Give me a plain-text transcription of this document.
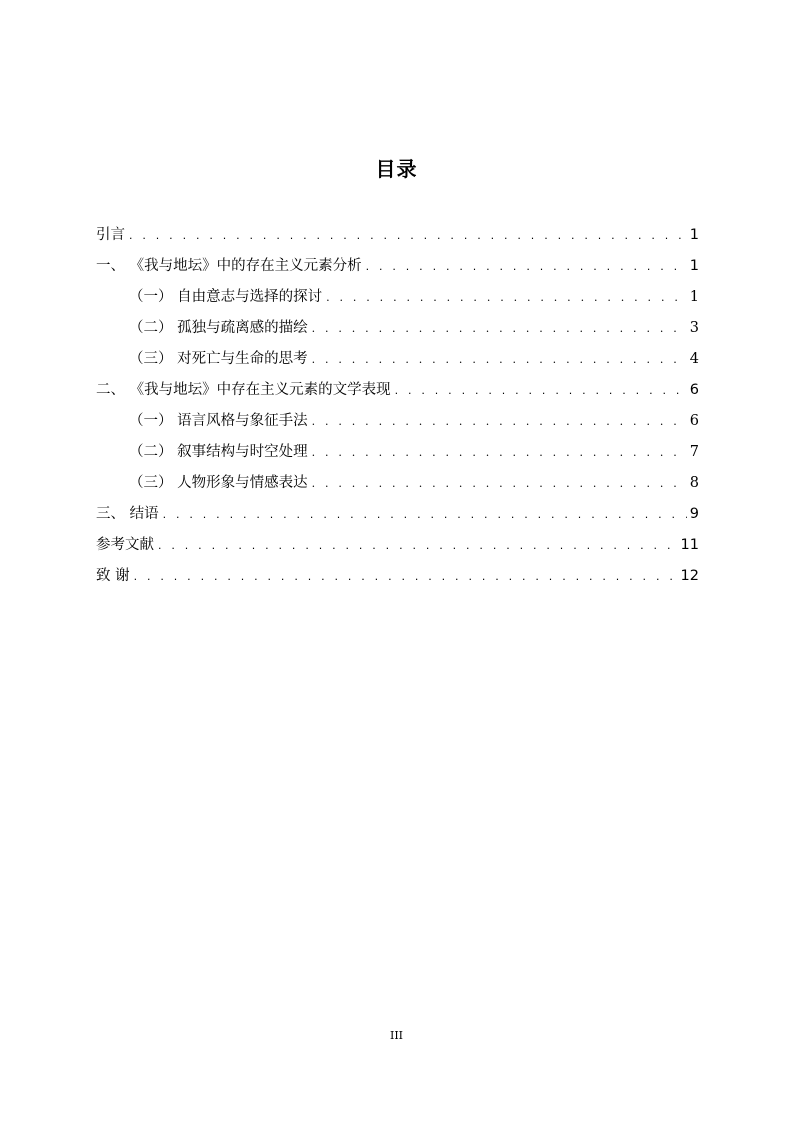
目录
引言 . . .	1
一、 《我与地坛》中的存在主义元素分析 . . .	1
（一） 自由意志与选择的探讨 . . .	1
（二） 孤独与疏离感的描绘 . . .	3
（三） 对死亡与生命的思考 . . .	4
二、 《我与地坛》中存在主义元素的文学表现 . . .	6
（一） 语言风格与象征手法 . . .	6
（二） 叙事结构与时空处理 . . .	7
（三） 人物形象与情感表达 . . .	8
三、 结语 . . .	9
参考文献 . . .	11
致 谢 . . .	12
III
